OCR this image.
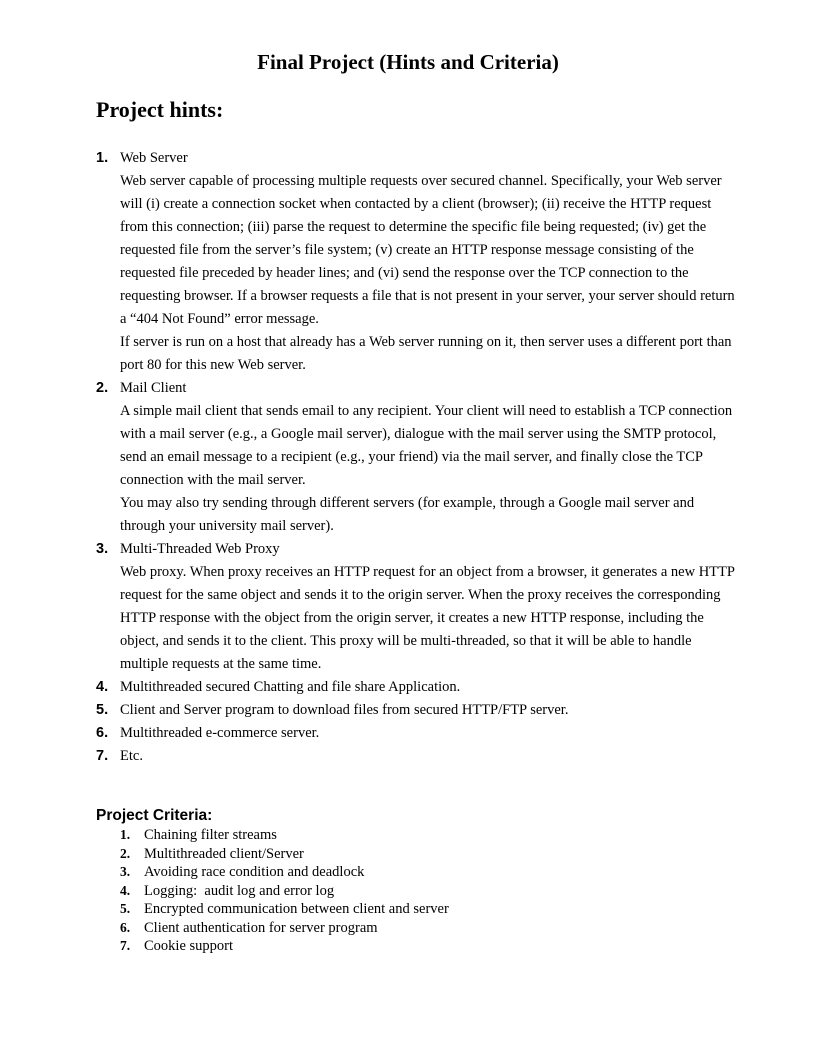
Final Project (Hints and Criteria)
Project hints:
1. Web Server
Web server capable of processing multiple requests over secured channel. Specifically, your Web server will (i) create a connection socket when contacted by a client (browser); (ii) receive the HTTP request from this connection; (iii) parse the request to determine the specific file being requested; (iv) get the requested file from the server’s file system; (v) create an HTTP response message consisting of the requested file preceded by header lines; and (vi) send the response over the TCP connection to the requesting browser. If a browser requests a file that is not present in your server, your server should return a “404 Not Found” error message.
If server is run on a host that already has a Web server running on it, then server uses a different port than port 80 for this new Web server.
2. Mail Client
A simple mail client that sends email to any recipient. Your client will need to establish a TCP connection with a mail server (e.g., a Google mail server), dialogue with the mail server using the SMTP protocol, send an email message to a recipient (e.g., your friend) via the mail server, and finally close the TCP connection with the mail server.
You may also try sending through different servers (for example, through a Google mail server and through your university mail server).
3. Multi-Threaded Web Proxy
Web proxy. When proxy receives an HTTP request for an object from a browser, it generates a new HTTP request for the same object and sends it to the origin server. When the proxy receives the corresponding HTTP response with the object from the origin server, it creates a new HTTP response, including the object, and sends it to the client. This proxy will be multi-threaded, so that it will be able to handle multiple requests at the same time.
4. Multithreaded secured Chatting and file share Application.
5. Client and Server program to download files from secured HTTP/FTP server.
6. Multithreaded e-commerce server.
7. Etc.
Project Criteria:
1. Chaining filter streams
2. Multithreaded client/Server
3. Avoiding race condition and deadlock
4. Logging:  audit log and error log
5. Encrypted communication between client and server
6. Client authentication for server program
7. Cookie support
